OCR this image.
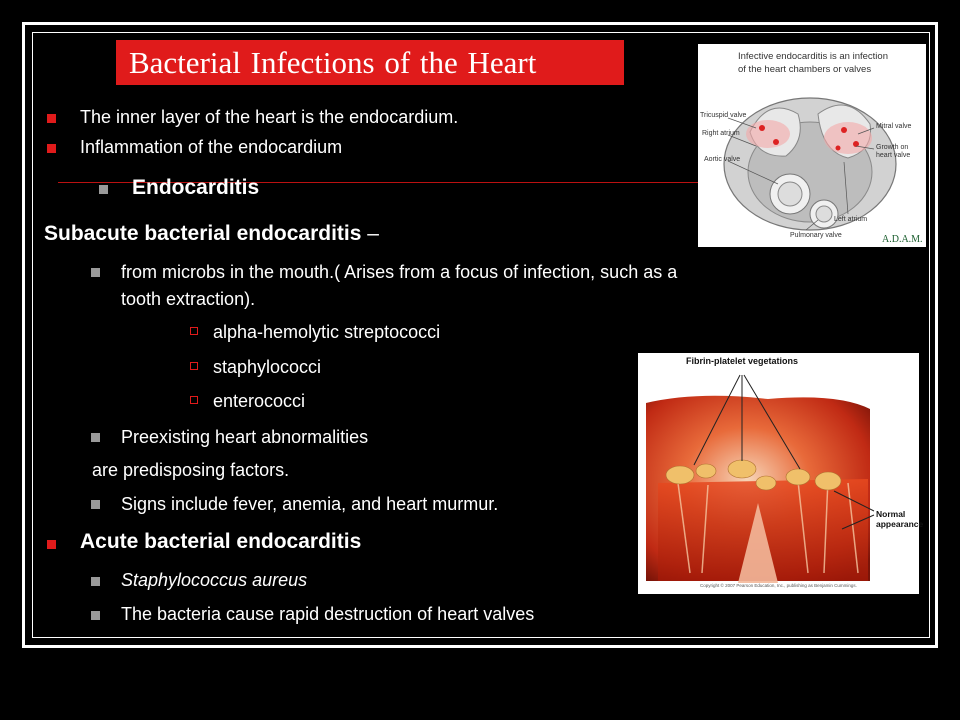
Bacterial Infections of the Heart
The inner layer of the heart is the endocardium.
Inflammation of the endocardium
Endocarditis
Subacute bacterial endocarditis –
from microbs in the mouth.( Arises from a focus of infection, such as a
tooth extraction).
alpha-hemolytic streptococci
staphylococci
enterococci
Preexisting heart abnormalities
are predisposing factors.
Signs include fever, anemia, and heart murmur.
Acute bacterial endocarditis
Staphylococcus aureus
The bacteria cause rapid destruction of heart valves
Infective endocarditis is an infection
of the heart chambers or valves
Tricuspid valve
Right atrium
Aortic valve
Mitral valve
Growth on
heart valve
Left atrium
Pulmonary valve	A.D.A.M.
Fibrin-platelet vegetations
Normal
appearance
Copyright © 2007 Pearson Education, Inc., publishing as Benjamin Cummings.
